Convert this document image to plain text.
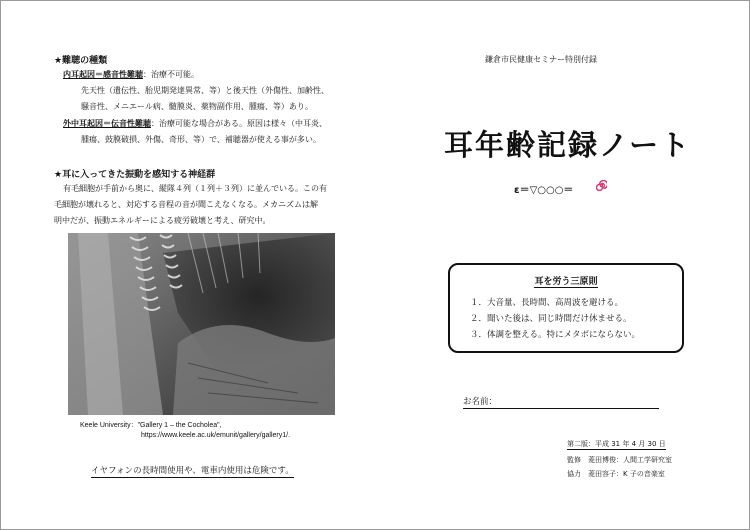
★難聴の種類
内耳起因＝感音性難聴：治療不可能。
先天性（遺伝性、胎児期発達異常、等）と後天性（外傷性、加齢性、
騒音性、メニエール病、髄膜炎、薬物副作用、腫瘍、等）あり。
外中耳起因＝伝音性難聴：治療可能な場合がある。原因は様々（中耳炎、
腫瘍、鼓膜破損、外傷、奇形、等）で、補聴器が使える事が多い。
★耳に入ってきた振動を感知する神経群
有毛細胞が手前から奥に、縦隊４列（１列＋３列）に並んでいる。この有
毛細胞が壊れると、対応する音程の音が聞こえなくなる。メカニズムは解
明中だが、振動エネルギーによる疲労破壊と考え、研究中。
Keele University："Gallery 1 – the Cocholea",
https://www.keele.ac.uk/emunit/gallery/gallery1/.
イヤフォンの長時間使用や、電車内使用は危険です。
鎌倉市民健康セミナー特別付録
耳年齢記録ノート
ε＝▽○○○＝
耳を労う三原則
１．大音量、長時間、高周波を避ける。
２．聞いた後は、同じ時間だけ休ませる。
３．体調を整える。特にメタボにならない。
お名前：
第二版：平成 31 年 4 月 30 日
監修　菱田博俊：人間工学研究室
協力　菱田容子：K 子の音楽室
